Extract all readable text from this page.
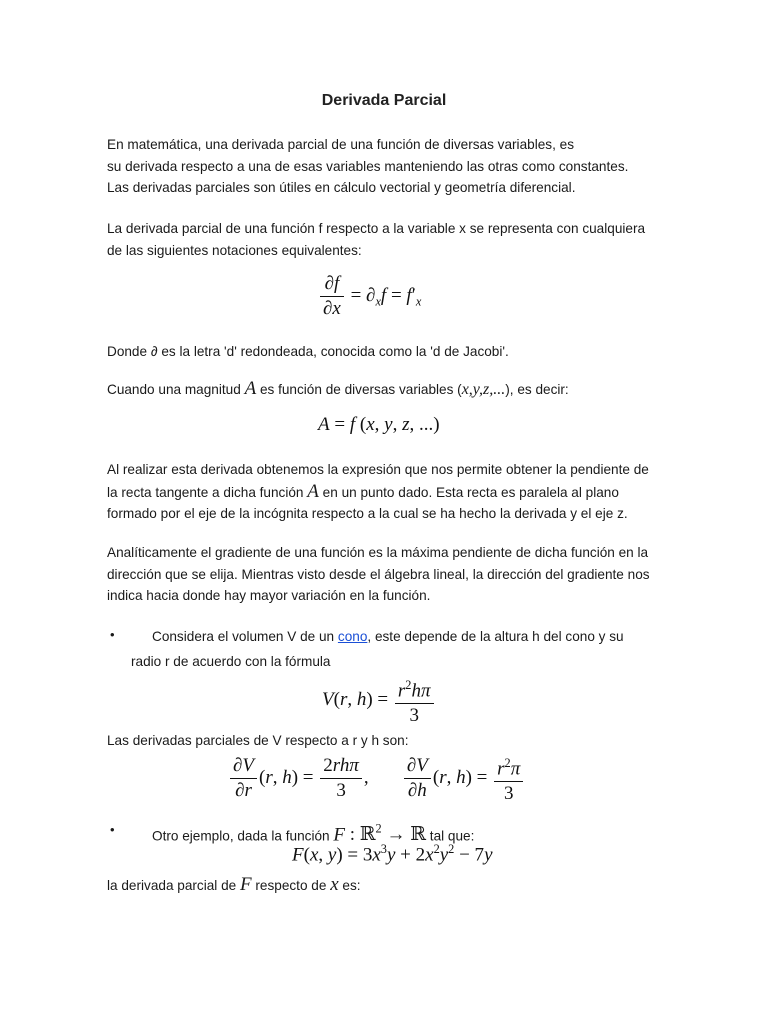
Derivada Parcial

En matemática, una derivada parcial de una función de diversas variables, es
su derivada respecto a una de esas variables manteniendo las otras como constantes.
Las derivadas parciales son útiles en cálculo vectorial y geometría diferencial.

La derivada parcial de una función f respecto a la variable x se representa con cualquiera
de las siguientes notaciones equivalentes:

$\frac{\partial f}{\partial x} = \partial_xf = f'_x$

Donde ∂ es la letra 'd' redondeada, conocida como la 'd de Jacobi'.

Cuando una magnitud A es función de diversas variables (x,y,z,...), es decir:

A = f (x, y, z, ...)

Al realizar esta derivada obtenemos la expresión que nos permite obtener la pendiente de
la recta tangente a dicha función A en un punto dado. Esta recta es paralela al plano
formado por el eje de la incógnita respecto a la cual se ha hecho la derivada y el eje z.

Analíticamente el gradiente de una función es la máxima pendiente de dicha función en la
dirección que se elija. Mientras visto desde el álgebra lineal, la dirección del gradiente nos
indica hacia donde hay mayor variación en la función.

•	Considera el volumen V de un cono, este depende de la altura h del cono y su
radio r de acuerdo con la fórmula
V(r, $h) = \frac{r^2h\pi}{3}$

Las derivadas parciales de V respecto a r y h son:

$\frac{\partial V}{\partial r} (r$, $h) = \frac{\text{2rhπ}}{3}$ , $\frac{\partial V}{\partial h} (r$, $h) = \frac{r^2\pi}{3}$
•	Otro ejemplo, dada la función F : ℝ$^2$ → ℝ tal que:
F(x, $y) = 3x^3y + 2x^2y^2 - 7y$

la derivada parcial de F respecto de x es:
